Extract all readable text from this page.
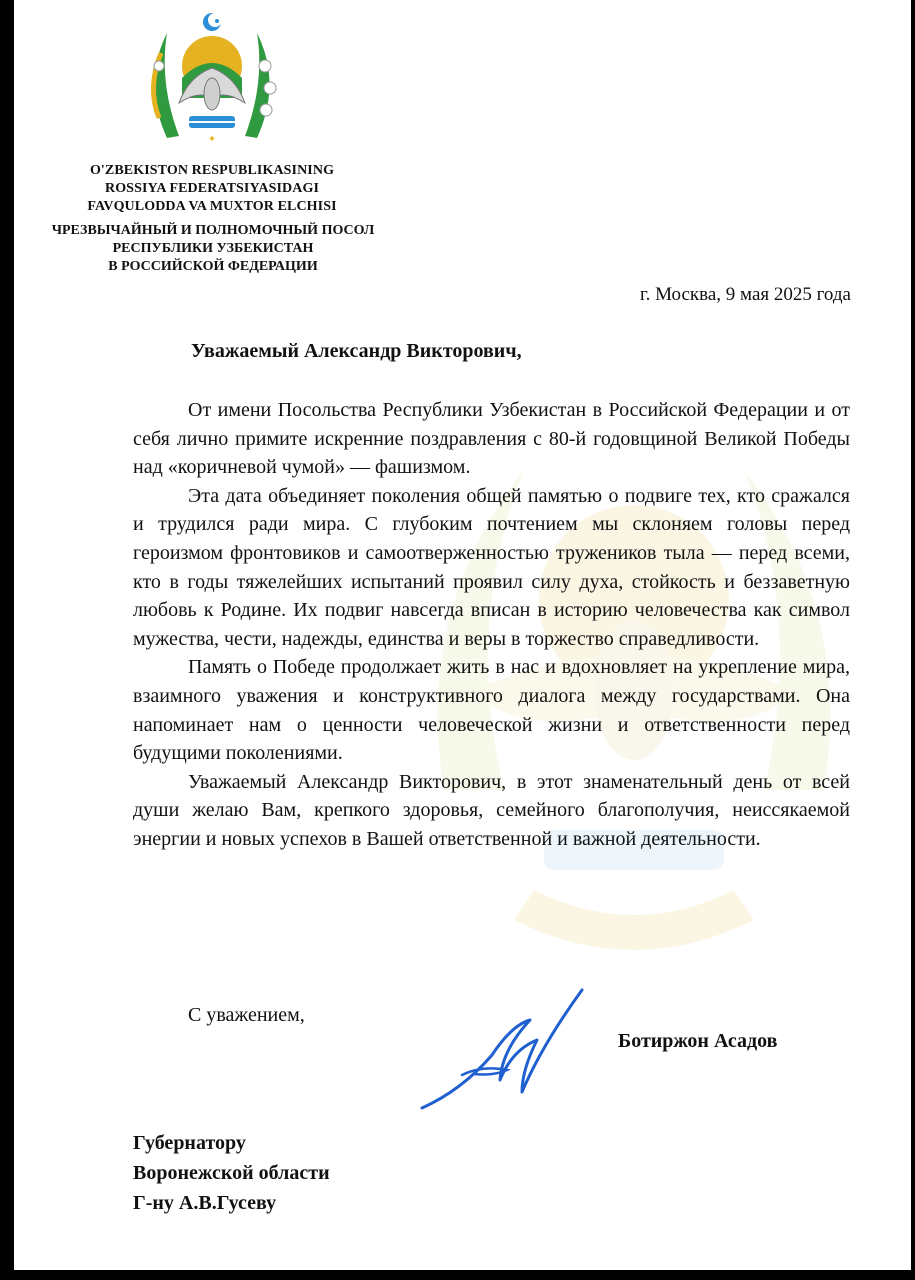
✦
O'ZBEKISTON RESPUBLIKASINING
ROSSIYA FEDERATSIYASIDAGI
FAVQULODDA VA MUXTOR ELCHISI
ЧРЕЗВЫЧАЙНЫЙ И ПОЛНОМОЧНЫЙ ПОСОЛ
РЕСПУБЛИКИ УЗБЕКИСТАН
В РОССИЙСКОЙ ФЕДЕРАЦИИ
г. Москва, 9 мая 2025 года
Уважаемый Александр Викторович,

От имени Посольства Республики Узбекистан в Российской Федерации и от себя лично примите искренние поздравления с 80-й годовщиной Великой Победы над «коричневой чумой» — фашизмом.

Эта дата объединяет поколения общей памятью о подвиге тех, кто сражался и трудился ради мира. С глубоким почтением мы склоняем головы перед героизмом фронтовиков и самоотверженностью тружеников тыла — перед всеми, кто в годы тяжелейших испытаний проявил силу духа, стойкость и беззаветную любовь к Родине. Их подвиг навсегда вписан в историю человечества как символ мужества, чести, надежды, единства и веры в торжество справедливости.

Память о Победе продолжает жить в нас и вдохновляет на укрепление мира, взаимного уважения и конструктивного диалога между государствами. Она напоминает нам о ценности человеческой жизни и ответственности перед будущими поколениями.

Уважаемый Александр Викторович, в этот знаменательный день от всей души желаю Вам, крепкого здоровья, семейного благополучия, неиссякаемой энергии и новых успехов в Вашей ответственной и важной деятельности.

С уважением,
Ботиржон Асадов
Губернатору
Воронежской области
Г-ну А.В.Гусеву
